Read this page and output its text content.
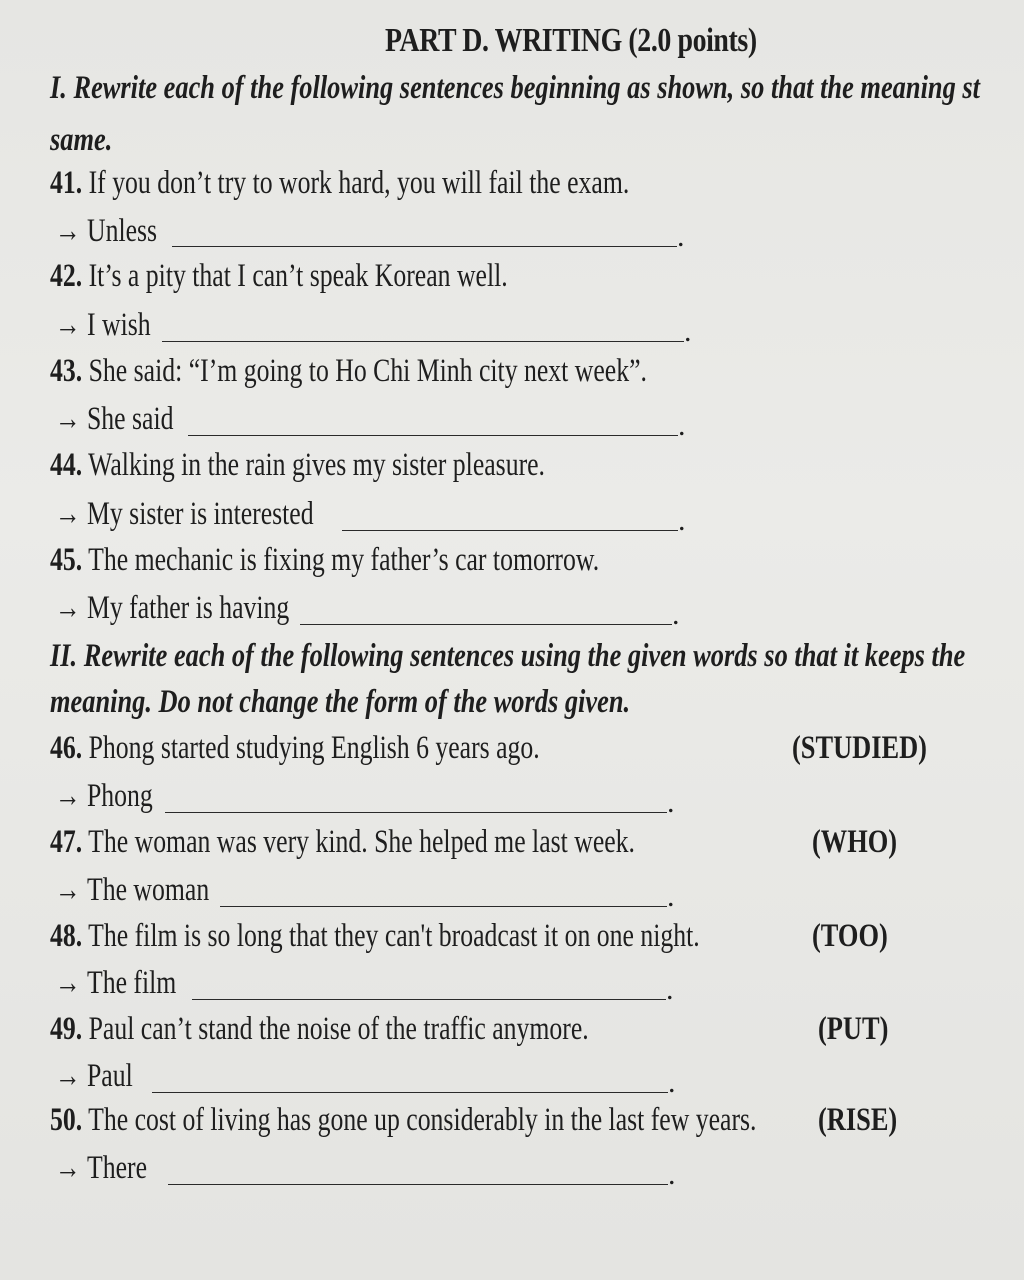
PART D. WRITING (2.0 points)
I. Rewrite each of the following sentences beginning as shown, so that the meaning st
same.
41. If you don’t try to work hard, you will fail the exam.
→ Unless	.
42. It’s a pity that I can’t speak Korean well.
→ I wish	.
43. She said: “I’m going to Ho Chi Minh city next week”.
→ She said	.
44. Walking in the rain gives my sister pleasure.
→ My sister is interested	.
45. The mechanic is fixing my father’s car tomorrow.
→ My father is having	.
II. Rewrite each of the following sentences using the given words so that it keeps the
meaning. Do not change the form of the words given.
46. Phong started studying English 6 years ago.	(STUDIED)
→ Phong	.
47. The woman was very kind. She helped me last week.	(WHO)
→ The woman	.
48. The film is so long that they can't broadcast it on one night.	(TOO)
→ The film	.
49. Paul can’t stand the noise of the traffic anymore.	(PUT)
→ Paul	.
50. The cost of living has gone up considerably in the last few years. (RISE)
→ There	.
